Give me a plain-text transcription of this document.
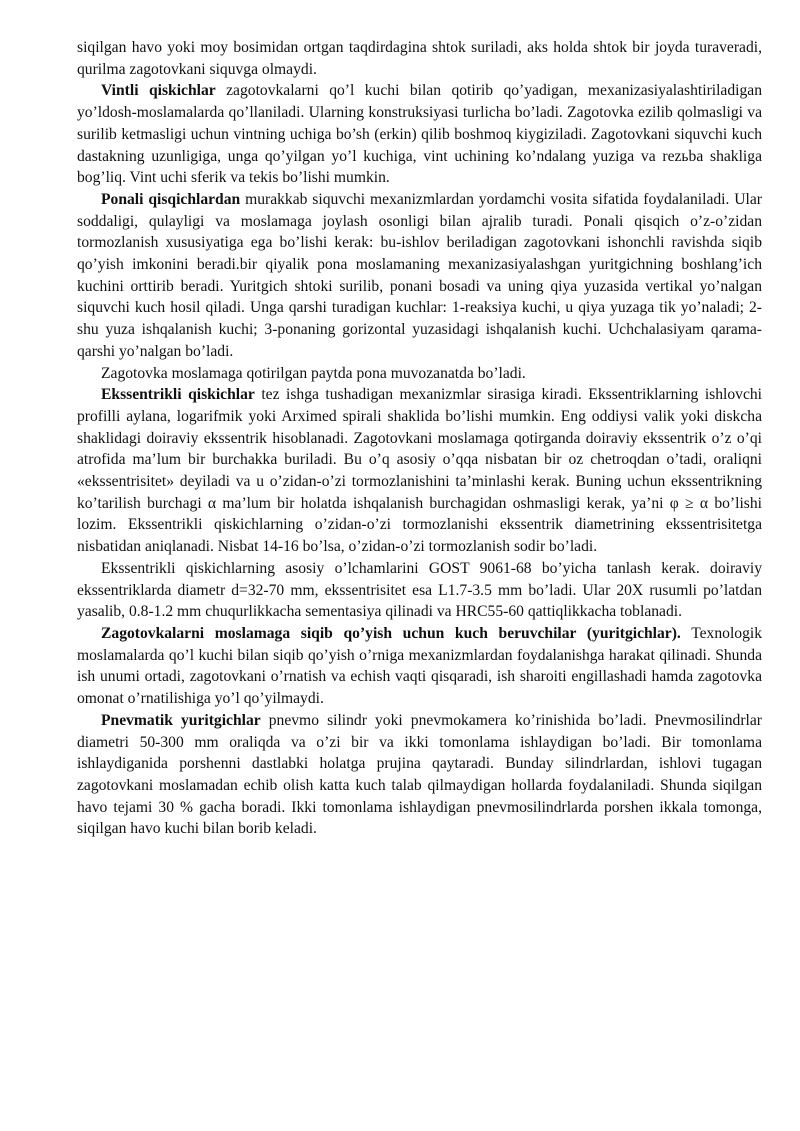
siqilgan havo yoki moy bosimidan ortgan taqdirdagina shtok suriladi, aks holda shtok bir joyda turaveradi, qurilma zagotovkani siquvga olmaydi.

Vintli qiskichlar zagotovkalarni qo’l kuchi bilan qotirib qo’yadigan, mexanizasiyalashtiriladigan yo’ldosh-moslamalarda qo’llaniladi. Ularning konstruksiyasi turlicha bo’ladi. Zagotovka ezilib qolmasligi va surilib ketmasligi uchun vintning uchiga bo’sh (erkin) qilib boshmoq kiygiziladi. Zagotovkani siquvchi kuch dastakning uzunligiga, unga qo’yilgan yo’l kuchiga, vint uchining ko’ndalang yuziga va rezьba shakliga bog’liq. Vint uchi sferik va tekis bo’lishi mumkin.

Ponali qisqichlardan murakkab siquvchi mexanizmlardan yordamchi vosita sifatida foydalaniladi. Ular soddaligi, qulayligi va moslamaga joylash osonligi bilan ajralib turadi. Ponali qisqich o’z-o’zidan tormozlanish xususiyatiga ega bo’lishi kerak: bu-ishlov beriladigan zagotovkani ishonchli ravishda siqib qo’yish imkonini beradi.bir qiyalik pona moslamaning mexanizasiyalashgan yuritgichning boshlang’ich kuchini orttirib beradi. Yuritgich shtoki surilib, ponani bosadi va uning qiya yuzasida vertikal yo’nalgan siquvchi kuch hosil qiladi. Unga qarshi turadigan kuchlar: 1-reaksiya kuchi, u qiya yuzaga tik yo’naladi; 2-shu yuza ishqalanish kuchi; 3-ponaning gorizontal yuzasidagi ishqalanish kuchi. Uchchalasiyam qarama-qarshi yo’nalgan bo’ladi.

Zagotovka moslamaga qotirilgan paytda pona muvozanatda bo’ladi.

Ekssentrikli qiskichlar tez ishga tushadigan mexanizmlar sirasiga kiradi. Ekssentriklarning ishlovchi profilli aylana, logarifmik yoki Arximed spirali shaklida bo’lishi mumkin. Eng oddiysi valik yoki diskcha shaklidagi doiraviy ekssentrik hisoblanadi. Zagotovkani moslamaga qotirganda doiraviy ekssentrik o’z o’qi atrofida ma’lum bir burchakka buriladi. Bu o’q asosiy o’qqa nisbatan bir oz chetroqdan o’tadi, oraliqni «ekssentrisitet» deyiladi va u o’zidan-o’zi tormozlanishini ta’minlashi kerak. Buning uchun ekssentrikning ko’tarilish burchagi α ma’lum bir holatda ishqalanish burchagidan oshmasligi kerak, ya’ni φ ≥ α bo’lishi lozim. Ekssentrikli qiskichlarning o’zidan-o’zi tormozlanishi ekssentrik diametrining ekssentrisitetga nisbatidan aniqlanadi. Nisbat 14-16 bo’lsa, o’zidan-o’zi tormozlanish sodir bo’ladi.

Ekssentrikli qiskichlarning asosiy o’lchamlarini GOST 9061-68 bo’yicha tanlash kerak. doiraviy ekssentriklarda diametr d=32-70 mm, ekssentrisitet esa L1.7-3.5 mm bo’ladi. Ular 20X rusumli po’latdan yasalib, 0.8-1.2 mm chuqurlikkacha sementasiya qilinadi va HRC55-60 qattiqlikkacha toblanadi.

Zagotovkalarni moslamaga siqib qo’yish uchun kuch beruvchilar (yuritgichlar). Texnologik moslamalarda qo’l kuchi bilan siqib qo’yish o’rniga mexanizmlardan foydalanishga harakat qilinadi. Shunda ish unumi ortadi, zagotovkani o’rnatish va echish vaqti qisqaradi, ish sharoiti engillashadi hamda zagotovka omonat o’rnatilishiga yo’l qo’yilmaydi.

Pnevmatik yuritgichlar pnevmo silindr yoki pnevmokamera ko’rinishida bo’ladi. Pnevmosilindrlar diametri 50-300 mm oraliqda va o’zi bir va ikki tomonlama ishlaydigan bo’ladi. Bir tomonlama ishlaydiganida porshenni dastlabki holatga prujina qaytaradi. Bunday silindrlardan, ishlovi tugagan zagotovkani moslamadan echib olish katta kuch talab qilmaydigan hollarda foydalaniladi. Shunda siqilgan havo tejami 30 % gacha boradi. Ikki tomonlama ishlaydigan pnevmosilindrlarda porshen ikkala tomonga, siqilgan havo kuchi bilan borib keladi.
